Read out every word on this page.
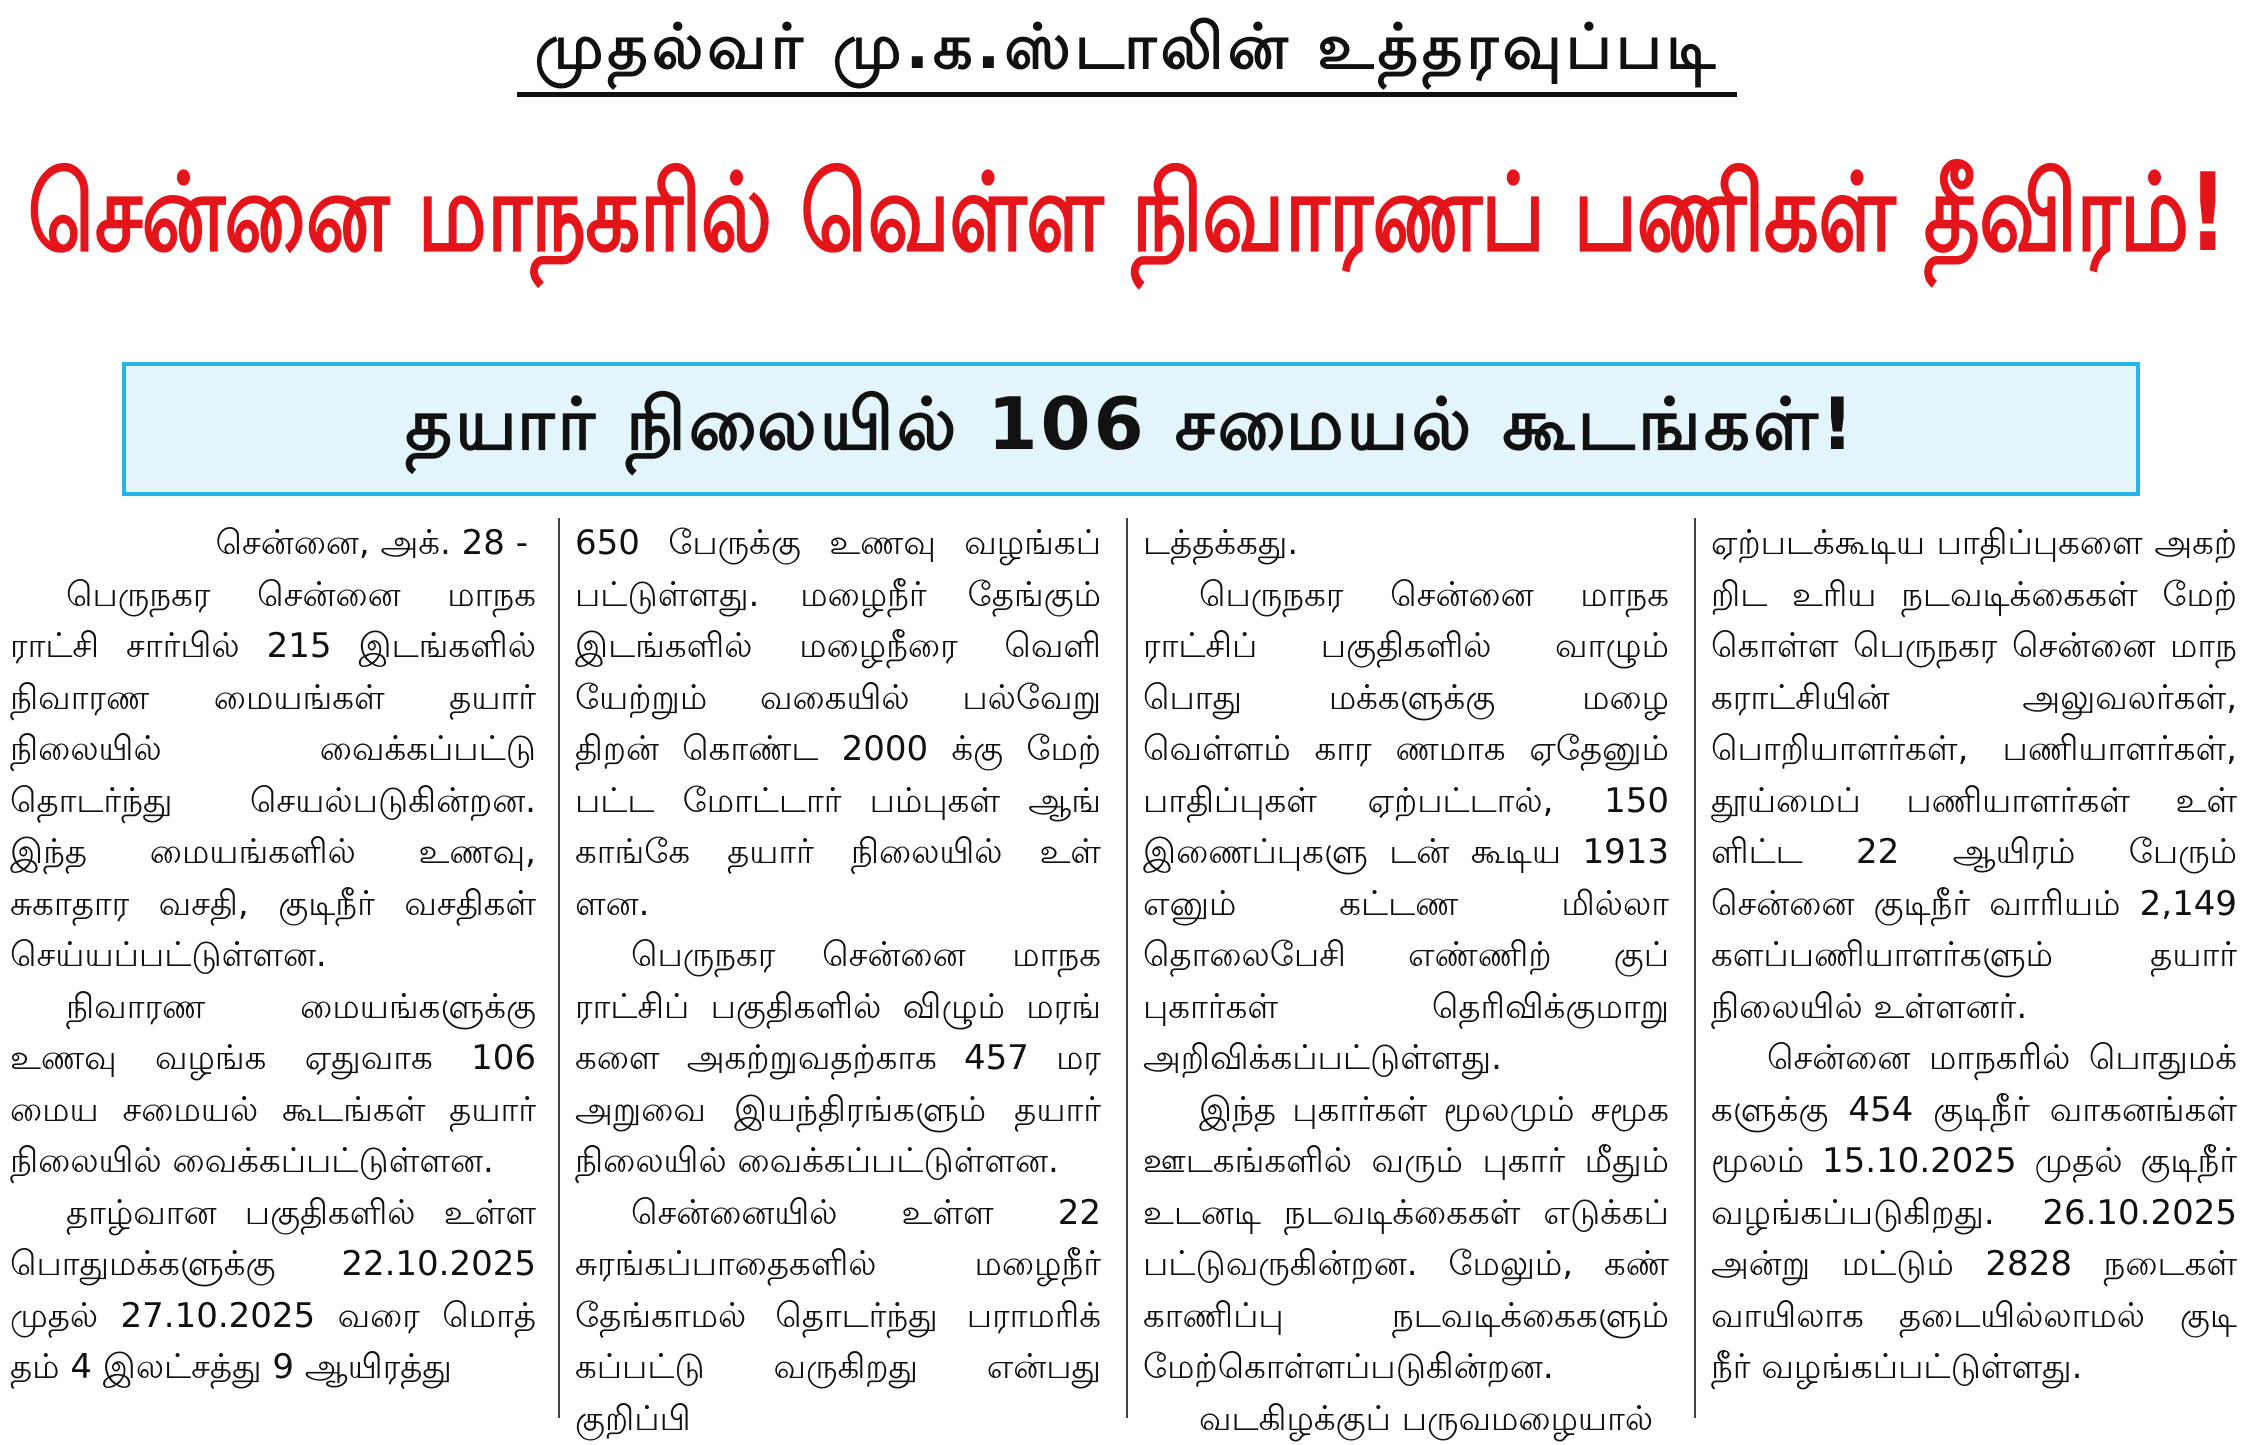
முதல்வர் மு.க.ஸ்டாலின் உத்தரவுப்படி
சென்னை மாநகரில் வெள்ள நிவாரணப் பணிகள் தீவிரம்!
தயார் நிலையில் 106 சமையல் கூடங்கள்!

சென்னை, அக். 28 -

பெருநகர சென்னை மாநக ராட்சி சார்பில் 215 இடங்களில் நிவாரண மையங்கள் தயார் நிலையில் வைக்கப்பட்டு தொடர்ந்து செயல்படுகின்றன. இந்த மையங்களில் உணவு, சுகாதார வசதி, குடிநீர் வசதிகள் செய்யப்பட்டுள்ளன.

நிவாரண மையங்களுக்கு உணவு வழங்க ஏதுவாக 106 மைய சமையல் கூடங்கள் தயார் நிலையில் வைக்கப்பட்டுள்ளன.

தாழ்வான பகுதிகளில் உள்ள பொதுமக்களுக்கு 22.10.2025 முதல் 27.10.2025 வரை மொத் தம் 4 இலட்சத்து 9 ஆயிரத்து

650 பேருக்கு உணவு வழங்கப் பட்டுள்ளது. மழைநீர் தேங்கும் இடங்களில் மழைநீரை வெளி யேற்றும் வகையில் பல்வேறு திறன் கொண்ட 2000 க்கு மேற் பட்ட மோட்டார் பம்புகள் ஆங் காங்கே தயார் நிலையில் உள் ளன.

பெருநகர சென்னை மாநக ராட்சிப் பகுதிகளில் விழும் மரங் களை அகற்றுவதற்காக 457 மர அறுவை இயந்திரங்களும் தயார் நிலையில் வைக்கப்பட்டுள்ளன.

சென்னையில் உள்ள 22 சுரங்கப்பாதைகளில் மழைநீர் தேங்காமல் தொடர்ந்து பராமரிக் கப்பட்டு வருகிறது என்பது குறிப்பி

டத்தக்கது.

பெருநகர சென்னை மாநக ராட்சிப் பகுதிகளில் வாழும் பொது மக்களுக்கு மழை வெள்ளம் கார ணமாக ஏதேனும் பாதிப்புகள் ஏற்பட்டால், 150 இணைப்புகளு டன் கூடிய 1913 எனும் கட்டண மில்லா தொலைபேசி எண்ணிற் குப் புகார்கள் தெரிவிக்குமாறு அறிவிக்கப்பட்டுள்ளது.

இந்த புகார்கள் மூலமும் சமூக ஊடகங்களில் வரும் புகார் மீதும் உடனடி நடவடிக்கைகள் எடுக்கப் பட்டுவருகின்றன. மேலும், கண் காணிப்பு நடவடிக்கைகளும் மேற்கொள்ளப்படுகின்றன.

வடகிழக்குப் பருவமழையால்

ஏற்படக்கூடிய பாதிப்புகளை அகற் றிட உரிய நடவடிக்கைகள் மேற் கொள்ள பெருநகர சென்னை மாந கராட்சியின் அலுவலர்கள், பொறியாளர்கள், பணியாளர்கள், தூய்மைப் பணியாளர்கள் உள் ளிட்ட 22 ஆயிரம் பேரும் சென்னை குடிநீர் வாரியம் 2,149 களப்பணியாளர்களும் தயார் நிலையில் உள்ளனர்.

சென்னை மாநகரில் பொதுமக் களுக்கு 454 குடிநீர் வாகனங்கள் மூலம் 15.10.2025 முதல் குடிநீர் வழங்கப்படுகிறது. 26.10.2025 அன்று மட்டும் 2828 நடைகள் வாயிலாக தடையில்லாமல் குடி நீர் வழங்கப்பட்டுள்ளது.
